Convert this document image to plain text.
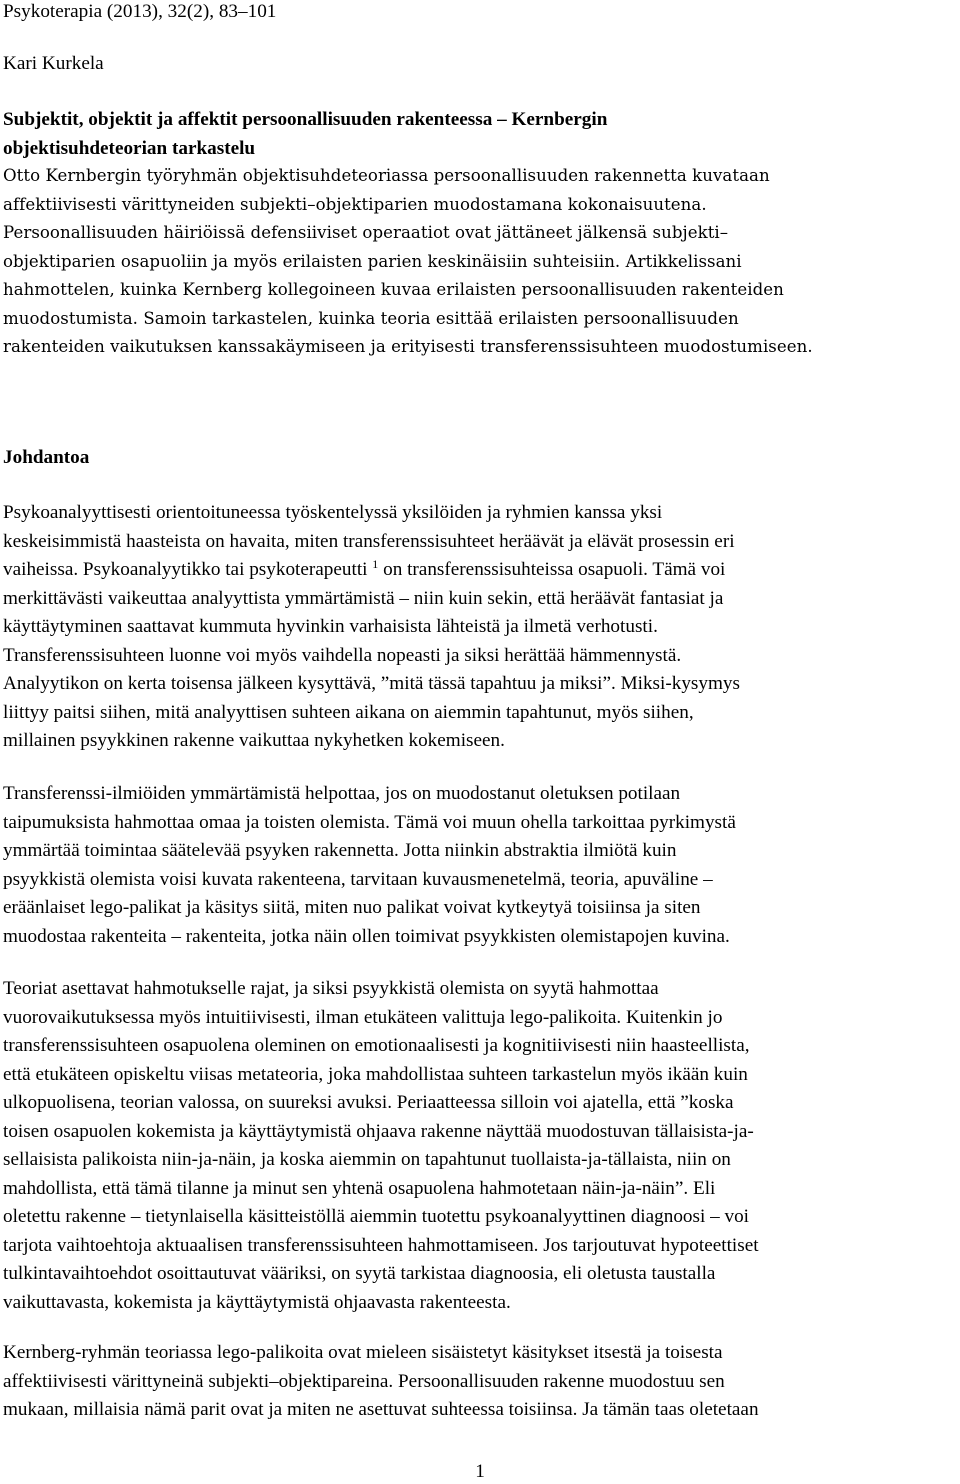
Psykoterapia (2013), 32(2), 83–101
Kari Kurkela
Subjektit, objektit ja affektit persoonallisuuden rakenteessa – Kernbergin
objektisuhdeteorian tarkastelu
Otto Kernbergin työryhmän objektisuhdeteoriassa persoonallisuuden rakennetta kuvataan
affektiivisesti värittyneiden subjekti–objektiparien muodostamana kokonaisuutena.
Persoonallisuuden häiriöissä defensiiviset operaatiot ovat jättäneet jälkensä subjekti–
objektiparien osapuoliin ja myös erilaisten parien keskinäisiin suhteisiin. Artikkelissani
hahmottelen, kuinka Kernberg kollegoineen kuvaa erilaisten persoonallisuuden rakenteiden
muodostumista. Samoin tarkastelen, kuinka teoria esittää erilaisten persoonallisuuden
rakenteiden vaikutuksen kanssakäymiseen ja erityisesti transferenssisuhteen muodostumiseen.
Johdantoa
Psykoanalyyttisesti orientoituneessa työskentelyssä yksilöiden ja ryhmien kanssa yksi
keskeisimmistä haasteista on havaita, miten transferenssisuhteet heräävät ja elävät prosessin eri
vaiheissa. Psykoanalyytikko tai psykoterapeutti $^1$ on transferenssisuhteissa osapuoli. Tämä voi
merkittävästi vaikeuttaa analyyttista ymmärtämistä – niin kuin sekin, että heräävät fantasiat ja
käyttäytyminen saattavat kummuta hyvinkin varhaisista lähteistä ja ilmetä verhotusti.
Transferenssisuhteen luonne voi myös vaihdella nopeasti ja siksi herättää hämmennystä.
Analyytikon on kerta toisensa jälkeen kysyttävä, ”mitä tässä tapahtuu ja miksi”. Miksi-kysymys
liittyy paitsi siihen, mitä analyyttisen suhteen aikana on aiemmin tapahtunut, myös siihen,
millainen psyykkinen rakenne vaikuttaa nykyhetken kokemiseen.
Transferenssi-ilmiöiden ymmärtämistä helpottaa, jos on muodostanut oletuksen potilaan
taipumuksista hahmottaa omaa ja toisten olemista. Tämä voi muun ohella tarkoittaa pyrkimystä
ymmärtää toimintaa säätelevää psyyken rakennetta. Jotta niinkin abstraktia ilmiötä kuin
psyykkistä olemista voisi kuvata rakenteena, tarvitaan kuvausmenetelmä, teoria, apuväline –
eräänlaiset lego-palikat ja käsitys siitä, miten nuo palikat voivat kytkeytyä toisiinsa ja siten
muodostaa rakenteita – rakenteita, jotka näin ollen toimivat psyykkisten olemistapojen kuvina.
Teoriat asettavat hahmotukselle rajat, ja siksi psyykkistä olemista on syytä hahmottaa
vuorovaikutuksessa myös intuitiivisesti, ilman etukäteen valittuja lego-palikoita. Kuitenkin jo
transferenssisuhteen osapuolena oleminen on emotionaalisesti ja kognitiivisesti niin haasteellista,
että etukäteen opiskeltu viisas metateoria, joka mahdollistaa suhteen tarkastelun myös ikään kuin
ulkopuolisena, teorian valossa, on suureksi avuksi. Periaatteessa silloin voi ajatella, että ”koska
toisen osapuolen kokemista ja käyttäytymistä ohjaava rakenne näyttää muodostuvan tällaisista-ja-
sellaisista palikoista niin-ja-näin, ja koska aiemmin on tapahtunut tuollaista-ja-tällaista, niin on
mahdollista, että tämä tilanne ja minut sen yhtenä osapuolena hahmotetaan näin-ja-näin”. Eli
oletettu rakenne – tietynlaisella käsitteistöllä aiemmin tuotettu psykoanalyyttinen diagnoosi – voi
tarjota vaihtoehtoja aktuaalisen transferenssisuhteen hahmottamiseen. Jos tarjoutuvat hypoteettiset
tulkintavaihtoehdot osoittautuvat vääriksi, on syytä tarkistaa diagnoosia, eli oletusta taustalla
vaikuttavasta, kokemista ja käyttäytymistä ohjaavasta rakenteesta.
Kernberg-ryhmän teoriassa lego-palikoita ovat mieleen sisäistetyt käsitykset itsestä ja toisesta
affektiivisesti värittyneinä subjekti–objektipareina. Persoonallisuuden rakenne muodostuu sen
mukaan, millaisia nämä parit ovat ja miten ne asettuvat suhteessa toisiinsa. Ja tämän taas oletetaan
1
